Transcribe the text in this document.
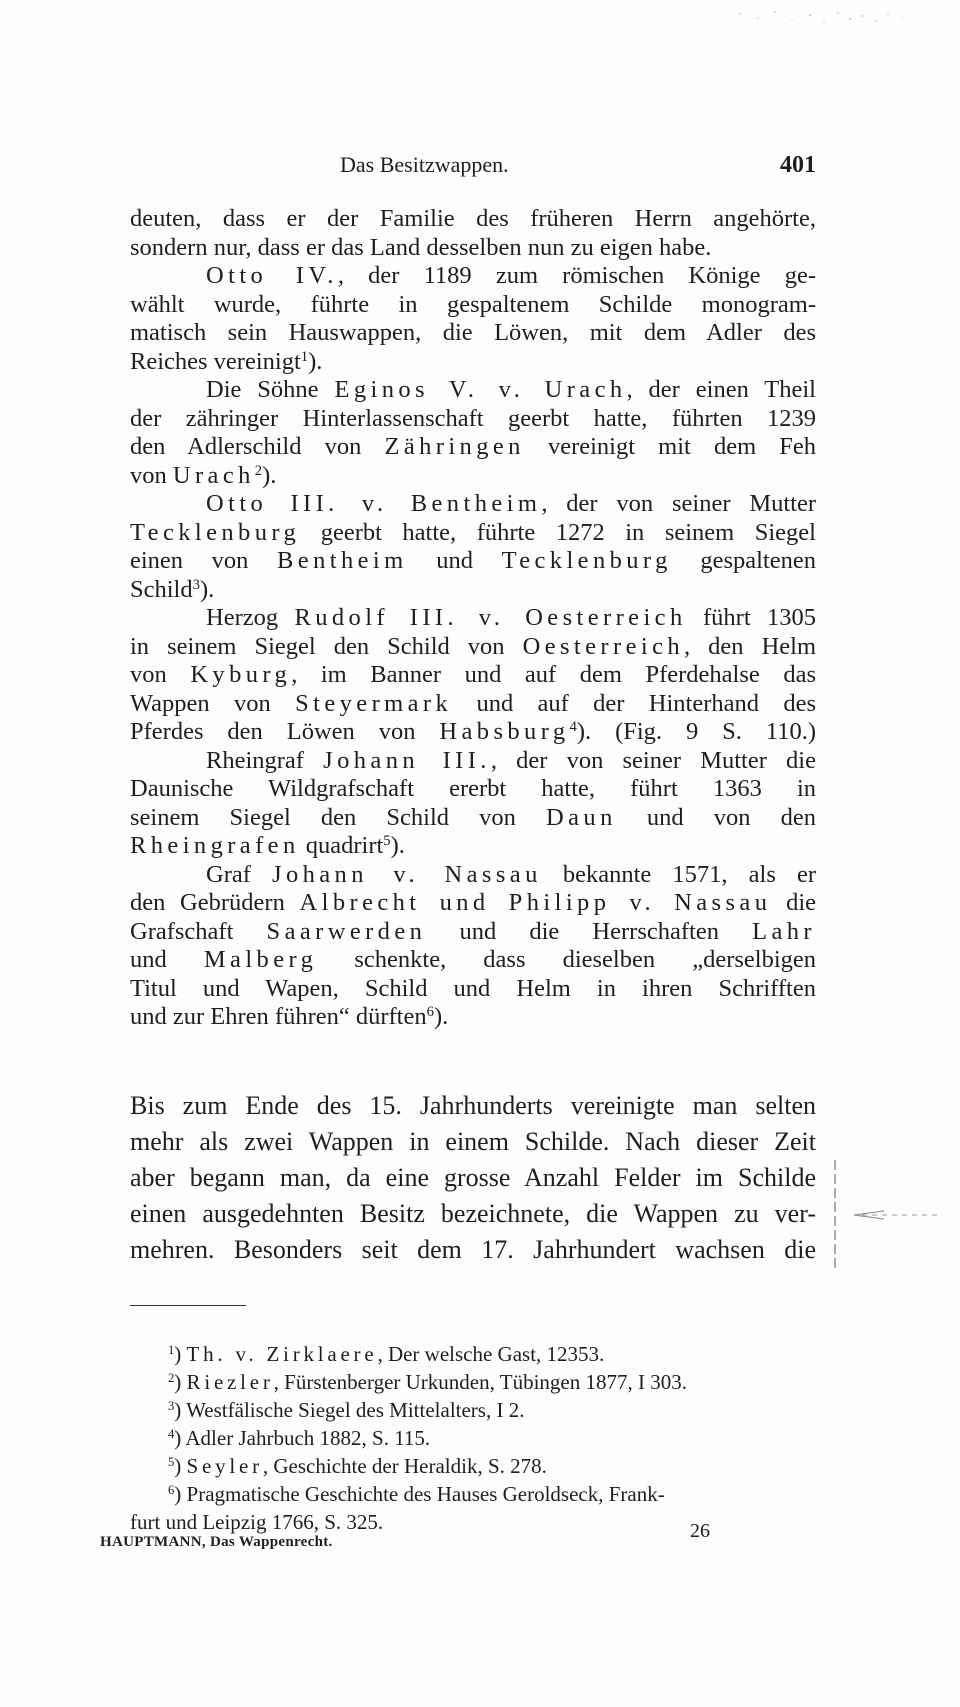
Das Besitzwappen.	401

deuten, dass er der Familie des früheren Herrn angehörte,

sondern nur, dass er das Land desselben nun zu eigen habe.

Otto IV., der 1189 zum römischen Könige ge-

wählt wurde, führte in gespaltenem Schilde monogram-

matisch sein Hauswappen, die Löwen, mit dem Adler des

Reiches vereinigt$^1$).

Die Söhne Eginos V. v. Urach, der einen Theil

der zähringer Hinterlassenschaft geerbt hatte, führten 1239

den Adlerschild von Zähringen vereinigt mit dem Feh

von Urach$^2$).

Otto III. v. Bentheim, der von seiner Mutter

Tecklenburg geerbt hatte, führte 1272 in seinem Siegel

einen von Bentheim und Tecklenburg gespaltenen

Schild$^3$).

Herzog Rudolf III. v. Oesterreich führt 1305

in seinem Siegel den Schild von Oesterreich, den Helm

von Kyburg, im Banner und auf dem Pferdehalse das

Wappen von Steyermark und auf der Hinterhand des

Pferdes den Löwen von Habsburg$^4$). (Fig. 9 S. 110.)

Rheingraf Johann III., der von seiner Mutter die

Daunische Wildgrafschaft ererbt hatte, führt 1363 in

seinem Siegel den Schild von Daun und von den

Rheingrafen quadrirt$^5$).

Graf Johann v. Nassau bekannte 1571, als er

den Gebrüdern Albrecht und Philipp v. Nassau die

Grafschaft Saarwerden und die Herrschaften Lahr

und Malberg schenkte, dass dieselben „derselbigen

Titul und Wapen, Schild und Helm in ihren Schrifften

und zur Ehren führen“ dürften$^6$).

Bis zum Ende des 15. Jahrhunderts vereinigte man selten

mehr als zwei Wappen in einem Schilde. Nach dieser Zeit

aber begann man, da eine grosse Anzahl Felder im Schilde

einen ausgedehnten Besitz bezeichnete, die Wappen zu ver-

mehren. Besonders seit dem 17. Jahrhundert wachsen die

$^1$) Th. v. Zirklaere, Der welsche Gast, 12353.

$^2$) Riezler, Fürstenberger Urkunden, Tübingen 1877, I 303.

$^3$) Westfälische Siegel des Mittelalters, I 2.

$^4$) Adler Jahrbuch 1882, S. 115.

$^5$) Seyler, Geschichte der Heraldik, S. 278.

$^6$) Pragmatische Geschichte des Hauses Geroldseck, Frank-

furt und Leipzig 1766, S. 325.	26
HAUPTMANN, Das Wappenrecht.
